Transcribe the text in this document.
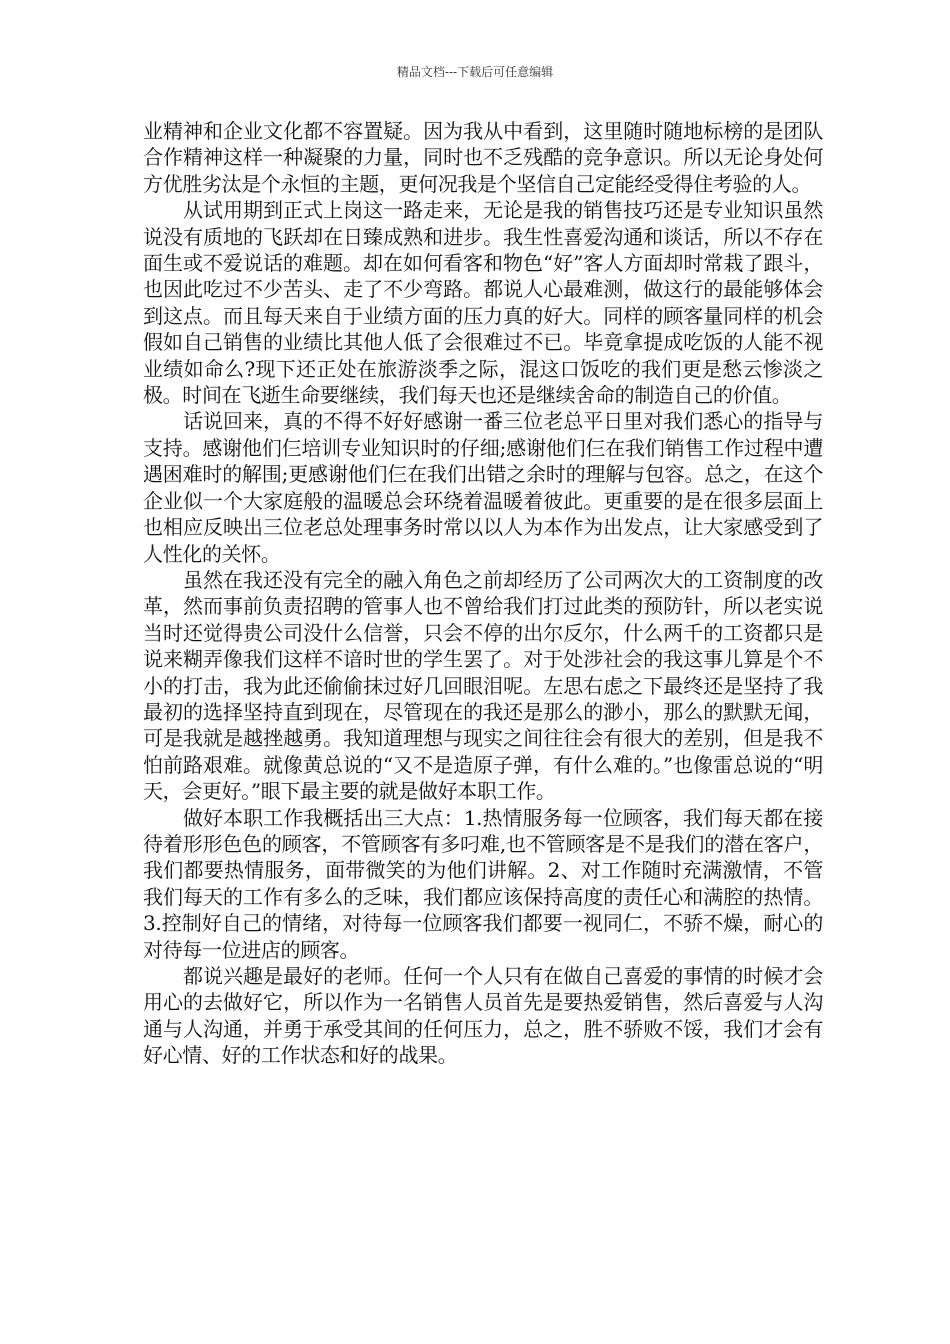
精品文档---下载后可任意编辑

业精神和企业文化都不容置疑。因为我从中看到，这里随时随地标榜的是团队合作精神这样一种凝聚的力量，同时也不乏残酷的竞争意识。所以无论身处何方优胜劣汰是个永恒的主题，更何况我是个坚信自己定能经受得住考验的人。

从试用期到正式上岗这一路走来，无论是我的销售技巧还是专业知识虽然说没有质地的飞跃却在日臻成熟和进步。我生性喜爱沟通和谈话，所以不存在面生或不爱说话的难题。却在如何看客和物色“好”客人方面却时常栽了跟斗，也因此吃过不少苦头、走了不少弯路。都说人心最难测，做这行的最能够体会到这点。而且每天来自于业绩方面的压力真的好大。同样的顾客量同样的机会假如自己销售的业绩比其他人低了会很难过不已。毕竟拿提成吃饭的人能不视业绩如命么?现下还正处在旅游淡季之际，混这口饭吃的我们更是愁云惨淡之极。时间在飞逝生命要继续，我们每天也还是继续舍命的制造自己的价值。

话说回来，真的不得不好好感谢一番三位老总平日里对我们悉心的指导与支持。感谢他们仨培训专业知识时的仔细;感谢他们仨在我们销售工作过程中遭遇困难时的解围;更感谢他们仨在我们出错之余时的理解与包容。总之，在这个企业似一个大家庭般的温暖总会环绕着温暖着彼此。更重要的是在很多层面上也相应反映出三位老总处理事务时常以以人为本作为出发点，让大家感受到了人性化的关怀。

虽然在我还没有完全的融入角色之前却经历了公司两次大的工资制度的改革，然而事前负责招聘的管事人也不曾给我们打过此类的预防针，所以老实说当时还觉得贵公司没什么信誉，只会不停的出尔反尔，什么两千的工资都只是说来糊弄像我们这样不谙时世的学生罢了。对于处涉社会的我这事儿算是个不小的打击，我为此还偷偷抹过好几回眼泪呢。左思右虑之下最终还是坚持了我最初的选择坚持直到现在，尽管现在的我还是那么的渺小，那么的默默无闻，可是我就是越挫越勇。我知道理想与现实之间往往会有很大的差别，但是我不怕前路艰难。就像黄总说的“又不是造原子弹，有什么难的。”也像雷总说的“明天，会更好。”眼下最主要的就是做好本职工作。

做好本职工作我概括出三大点：1.热情服务每一位顾客，我们每天都在接待着形形色色的顾客，不管顾客有多叼难,也不管顾客是不是我们的潜在客户，我们都要热情服务，面带微笑的为他们讲解。2、对工作随时充满激情，不管我们每天的工作有多么的乏味，我们都应该保持高度的责任心和满腔的热情。3.控制好自己的情绪，对待每一位顾客我们都要一视同仁，不骄不燥，耐心的对待每一位进店的顾客。

都说兴趣是最好的老师。任何一个人只有在做自己喜爱的事情的时候才会用心的去做好它，所以作为一名销售人员首先是要热爱销售，然后喜爱与人沟通与人沟通，并勇于承受其间的任何压力，总之，胜不骄败不馁，我们才会有好心情、好的工作状态和好的战果。
